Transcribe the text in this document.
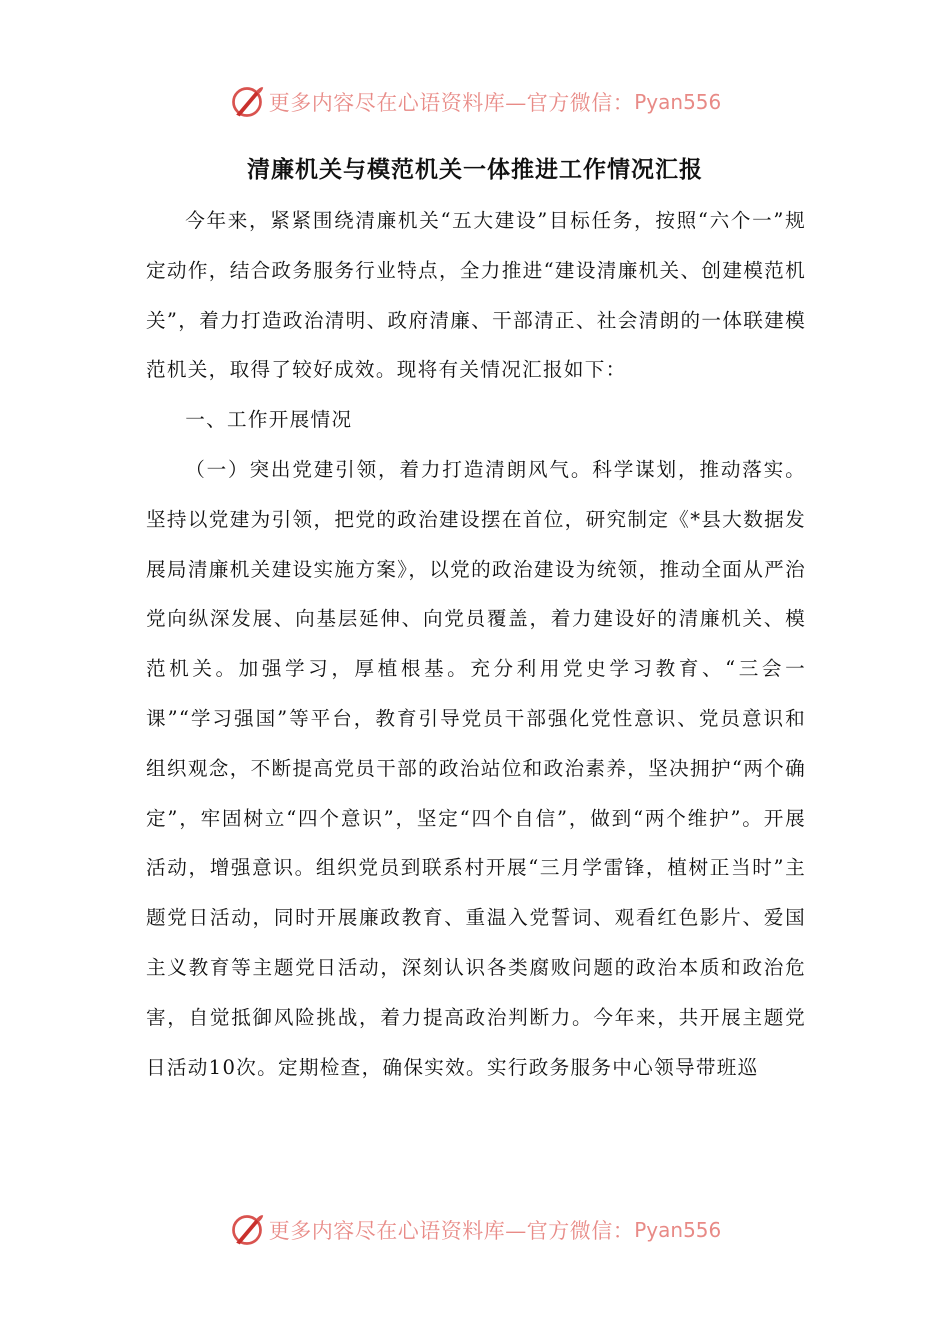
更多内容尽在心语资料库—官方微信： Pyan556
清廉机关与模范机关一体推进工作情况汇报

今年来，紧紧围绕清廉机关“五大建设”目标任务，按照“六个一”规定动作，结合政务服务行业特点，全力推进“建设清廉机关、创建模范机关”，着力打造政治清明、政府清廉、干部清正、社会清朗的一体联建模范机关，取得了较好成效。现将有关情况汇报如下：

一、工作开展情况

（一）突出党建引领，着力打造清朗风气。科学谋划，推动落实。坚持以党建为引领，把党的政治建设摆在首位，研究制定《*县大数据发展局清廉机关建设实施方案》，以党的政治建设为统领，推动全面从严治党向纵深发展、向基层延伸、向党员覆盖，着力建设好的清廉机关、模范机关。加强学习，厚植根基。充分利用党史学习教育、“三会一课”“学习强国”等平台，教育引导党员干部强化党性意识、党员意识和组织观念，不断提高党员干部的政治站位和政治素养，坚决拥护“两个确定”，牢固树立“四个意识”，坚定“四个自信”，做到“两个维护”。开展活动，增强意识。组织党员到联系村开展“三月学雷锋，植树正当时”主题党日活动，同时开展廉政教育、重温入党誓词、观看红色影片、爱国主义教育等主题党日活动，深刻认识各类腐败问题的政治本质和政治危害，自觉抵御风险挑战，着力提高政治判断力。今年来，共开展主题党日活动10次。定期检查，确保实效。实行政务服务中心领导带班巡

更多内容尽在心语资料库—官方微信： Pyan556
